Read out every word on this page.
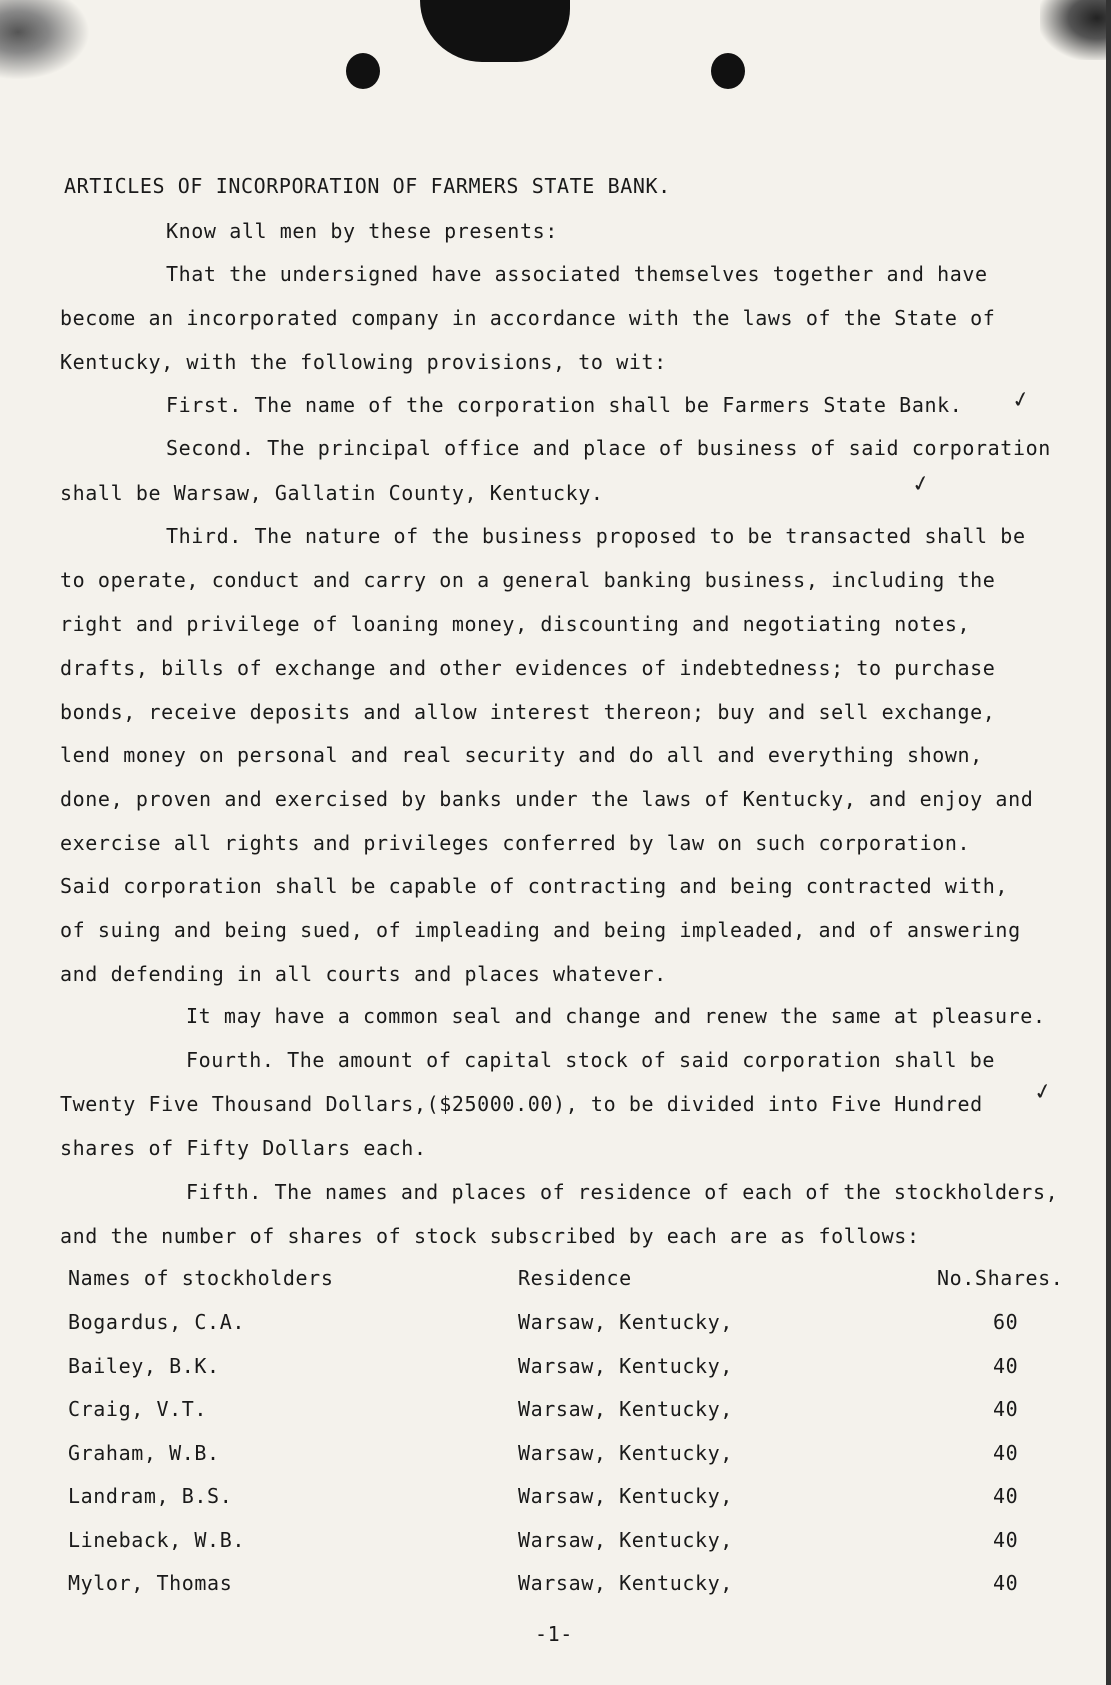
ARTICLES OF INCORPORATION OF FARMERS STATE BANK.
Know all men by these presents:
That the undersigned have associated themselves together and have
become an incorporated company in accordance with the laws of the State of
Kentucky, with the following provisions, to wit:
First. The name of the corporation shall be Farmers State Bank.
Second. The principal office and place of business of said corporation
shall be Warsaw, Gallatin County, Kentucky.
Third. The nature of the business proposed to be transacted shall be
to operate, conduct and carry on a general banking business, including the
right and privilege of loaning money, discounting and negotiating notes,
drafts, bills of exchange and other evidences of indebtedness; to purchase
bonds, receive deposits and allow interest thereon; buy and sell exchange,
lend money on personal and real security and do all and everything shown,
done, proven and exercised by banks under the laws of Kentucky, and enjoy and
exercise all rights and privileges conferred by law on such corporation.
Said corporation shall be capable of contracting and being contracted with,
of suing and being sued, of impleading and being impleaded, and of answering
and defending in all courts and places whatever.
It may have a common seal and change and renew the same at pleasure.
Fourth. The amount of capital stock of said corporation shall be
Twenty Five Thousand Dollars,($25000.00), to be divided into Five Hundred
shares of Fifty Dollars each.
Fifth. The names and places of residence of each of the stockholders,
and the number of shares of stock subscribed by each are as follows:
✓
✓
✓
Names of stockholders	Residence	No.Shares.
Bogardus, C.A.	Warsaw, Kentucky,	60
Bailey, B.K.	Warsaw, Kentucky,	40
Craig, V.T.	Warsaw, Kentucky,	40
Graham, W.B.	Warsaw, Kentucky,	40
Landram, B.S.	Warsaw, Kentucky,	40
Lineback, W.B.	Warsaw, Kentucky,	40
Mylor, Thomas	Warsaw, Kentucky,	40
-1-
